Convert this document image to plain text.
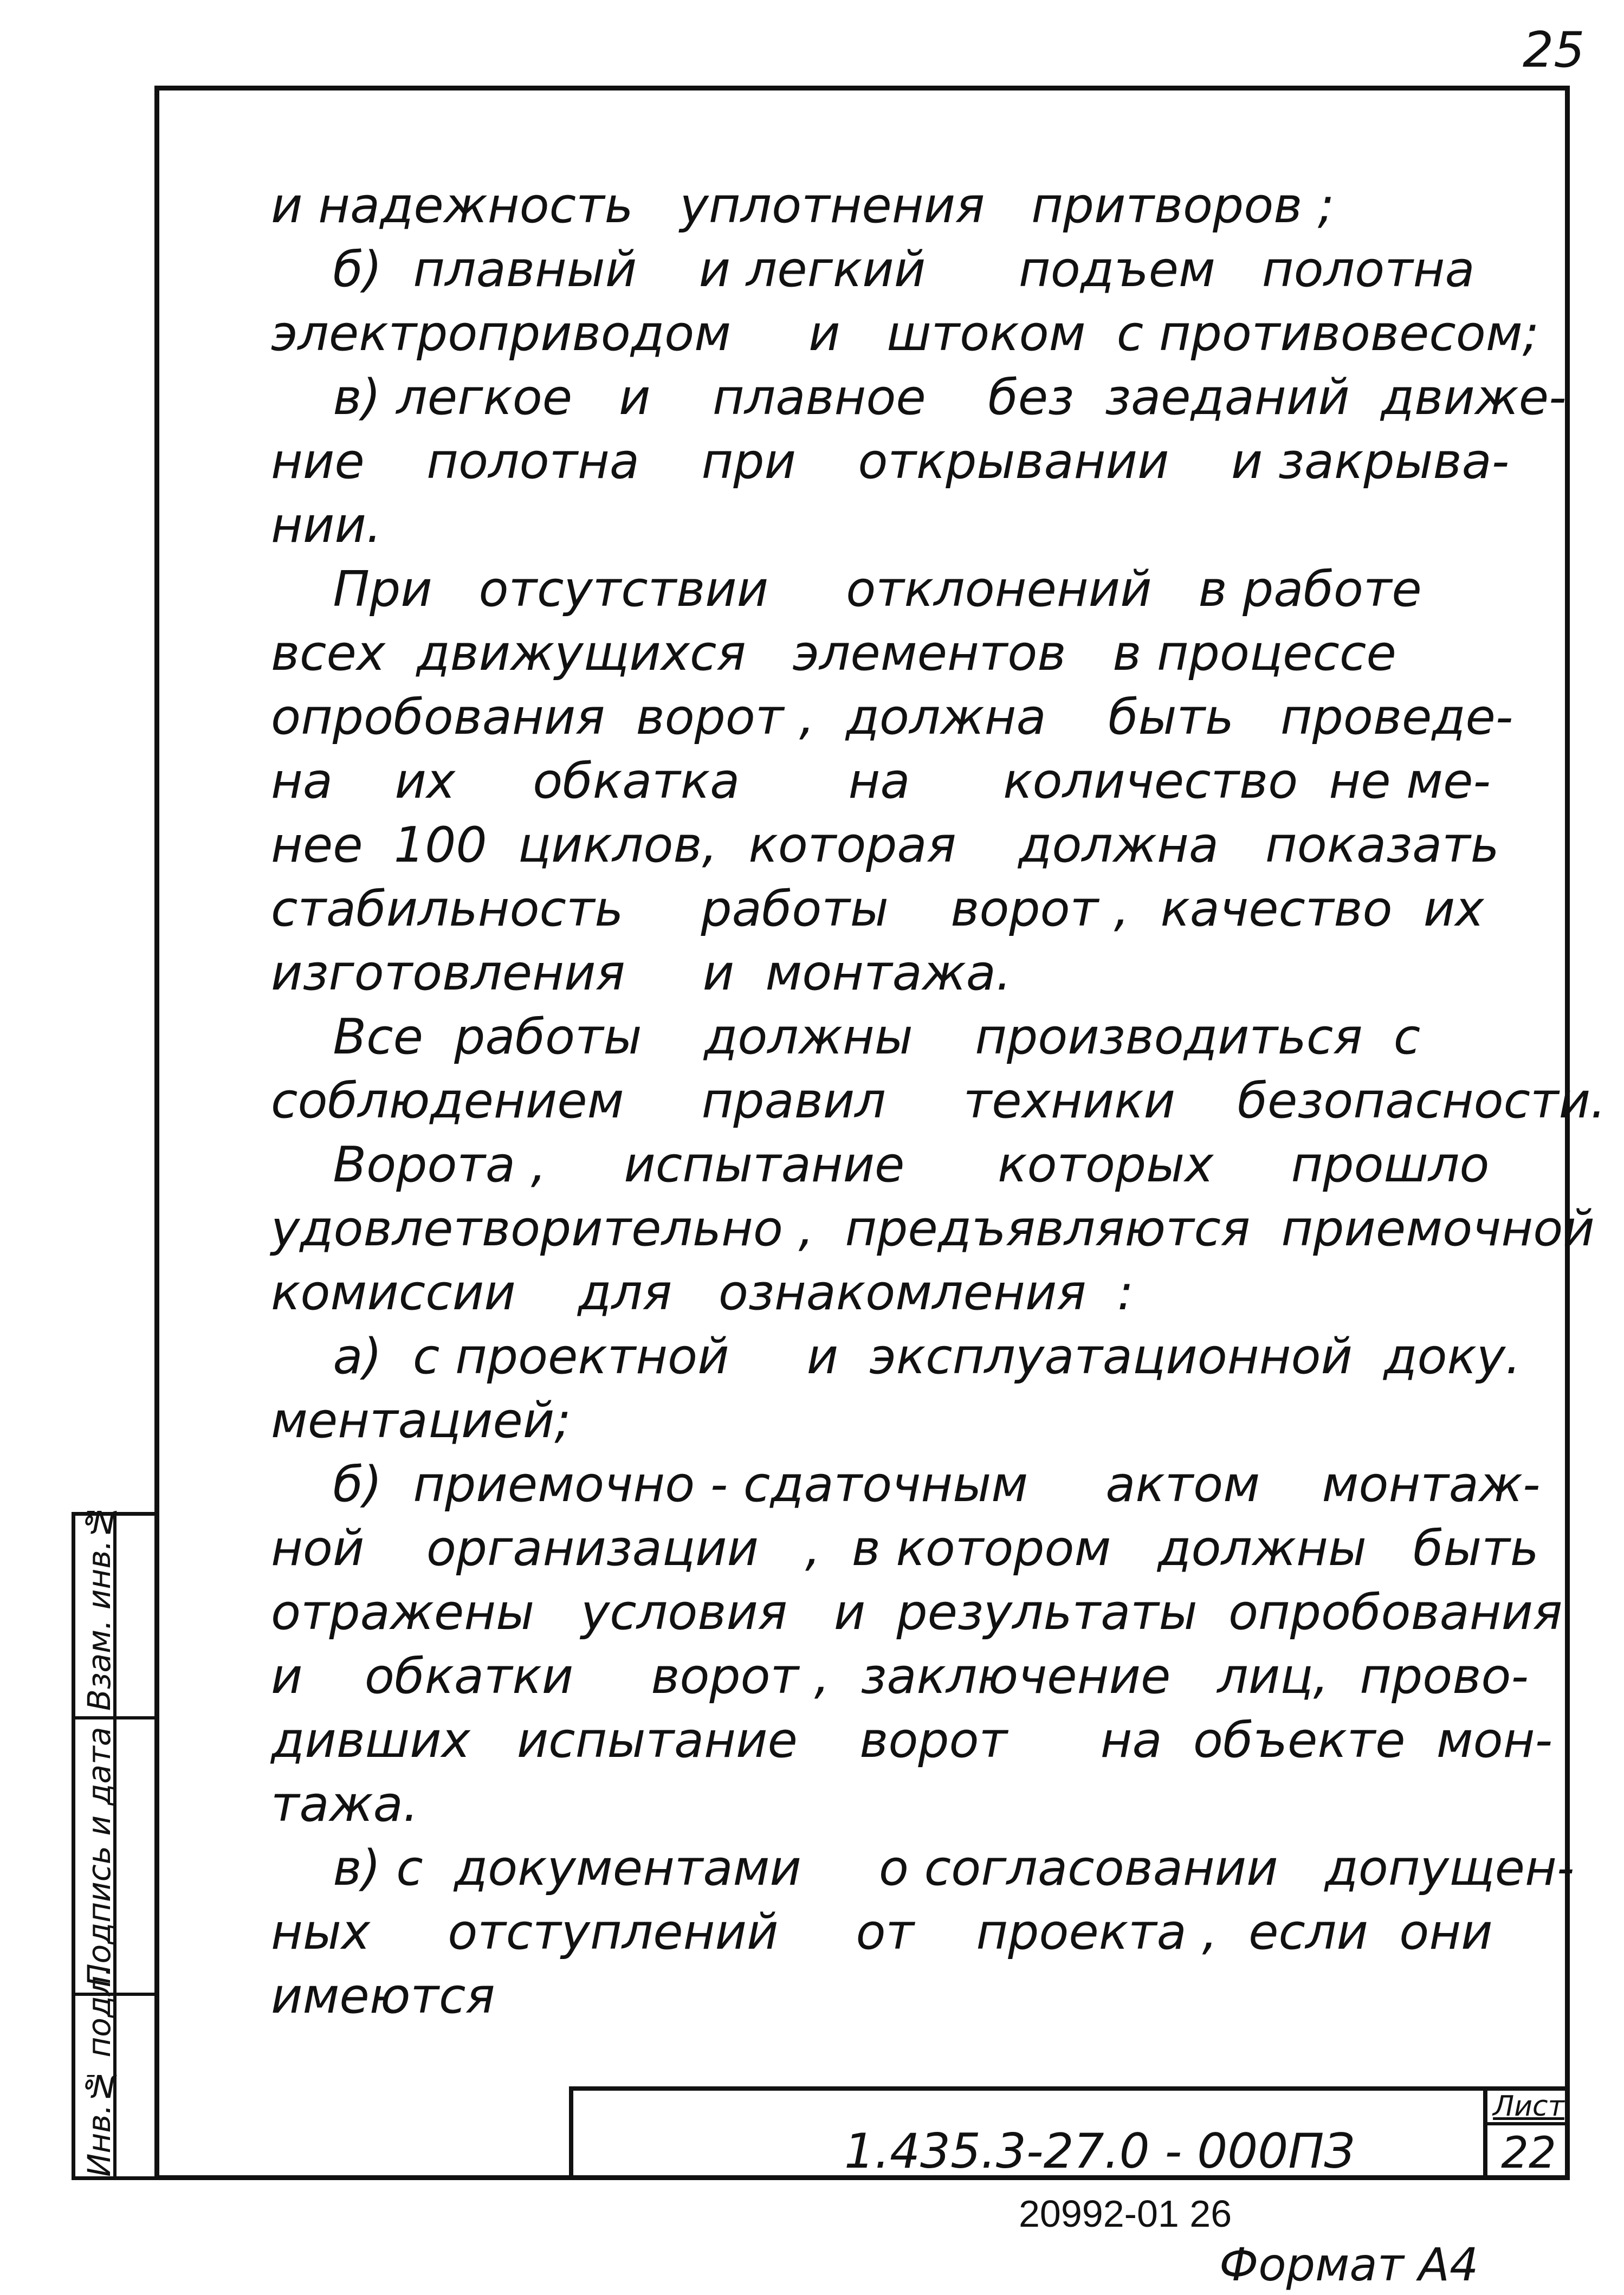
25
и надежность   уплотнения   притворов ;
б)  плавный    и легкий      подъем   полотна
электроприводом     и   штоком  с противовесом;
в) легкое   и    плавное    без  заеданий  движе-
ние    полотна    при    открывании    и закрыва-
нии.
При   отсутствии     отклонений   в работе
всех  движущихся   элементов   в процессе
опробования  ворот ,  должна    быть   проведе-
на    их     обкатка       на      количество  не ме-
нее  100  циклов,  которая    должна   показать
стабильность     работы    ворот ,  качество  их
изготовления     и  монтажа.
Все  работы    должны    производиться  с
соблюдением     правил     техники    безопасности.
Ворота ,     испытание      которых     прошло
удовлетворительно ,  предъявляются  приемочной
комиссии    для   ознакомления  :
а)  с проектной     и  эксплуатационной  доку.
ментацией;
б)  приемочно - сдаточным     актом    монтаж-
ной    организации   ,  в котором   должны   быть
отражены   условия   и  результаты  опробования
и    обкатки     ворот ,  заключение   лиц,  прово-
дивших   испытание    ворот      на  объекте  мон-
тажа.
в) с  документами     о согласовании   допущен-
ных     отступлений     от    проекта ,  если  они
имеются
Инв.№ подл.
Подпись и дата
Взам. инв.№
1.435.3-27.0 - 000ПЗ
Лист
22
20992-01 26
Формат А4
